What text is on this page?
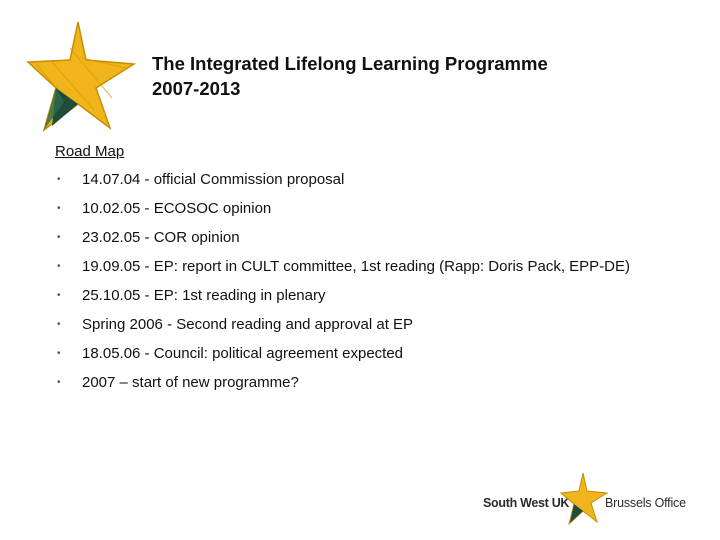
The Integrated Lifelong Learning Programme
2007-2013
Road Map
• 14.07.04 - official Commission proposal
• 10.02.05 - ECOSOC opinion
• 23.02.05 - COR opinion
• 19.09.05 - EP: report in CULT committee, 1st reading (Rapp: Doris Pack, EPP-DE)
• 25.10.05 - EP: 1st reading in plenary
• Spring 2006 - Second reading and approval at EP
• 18.05.06 - Council: political agreement expected
• 2007 – start of new programme?
South West UK	Brussels Office
